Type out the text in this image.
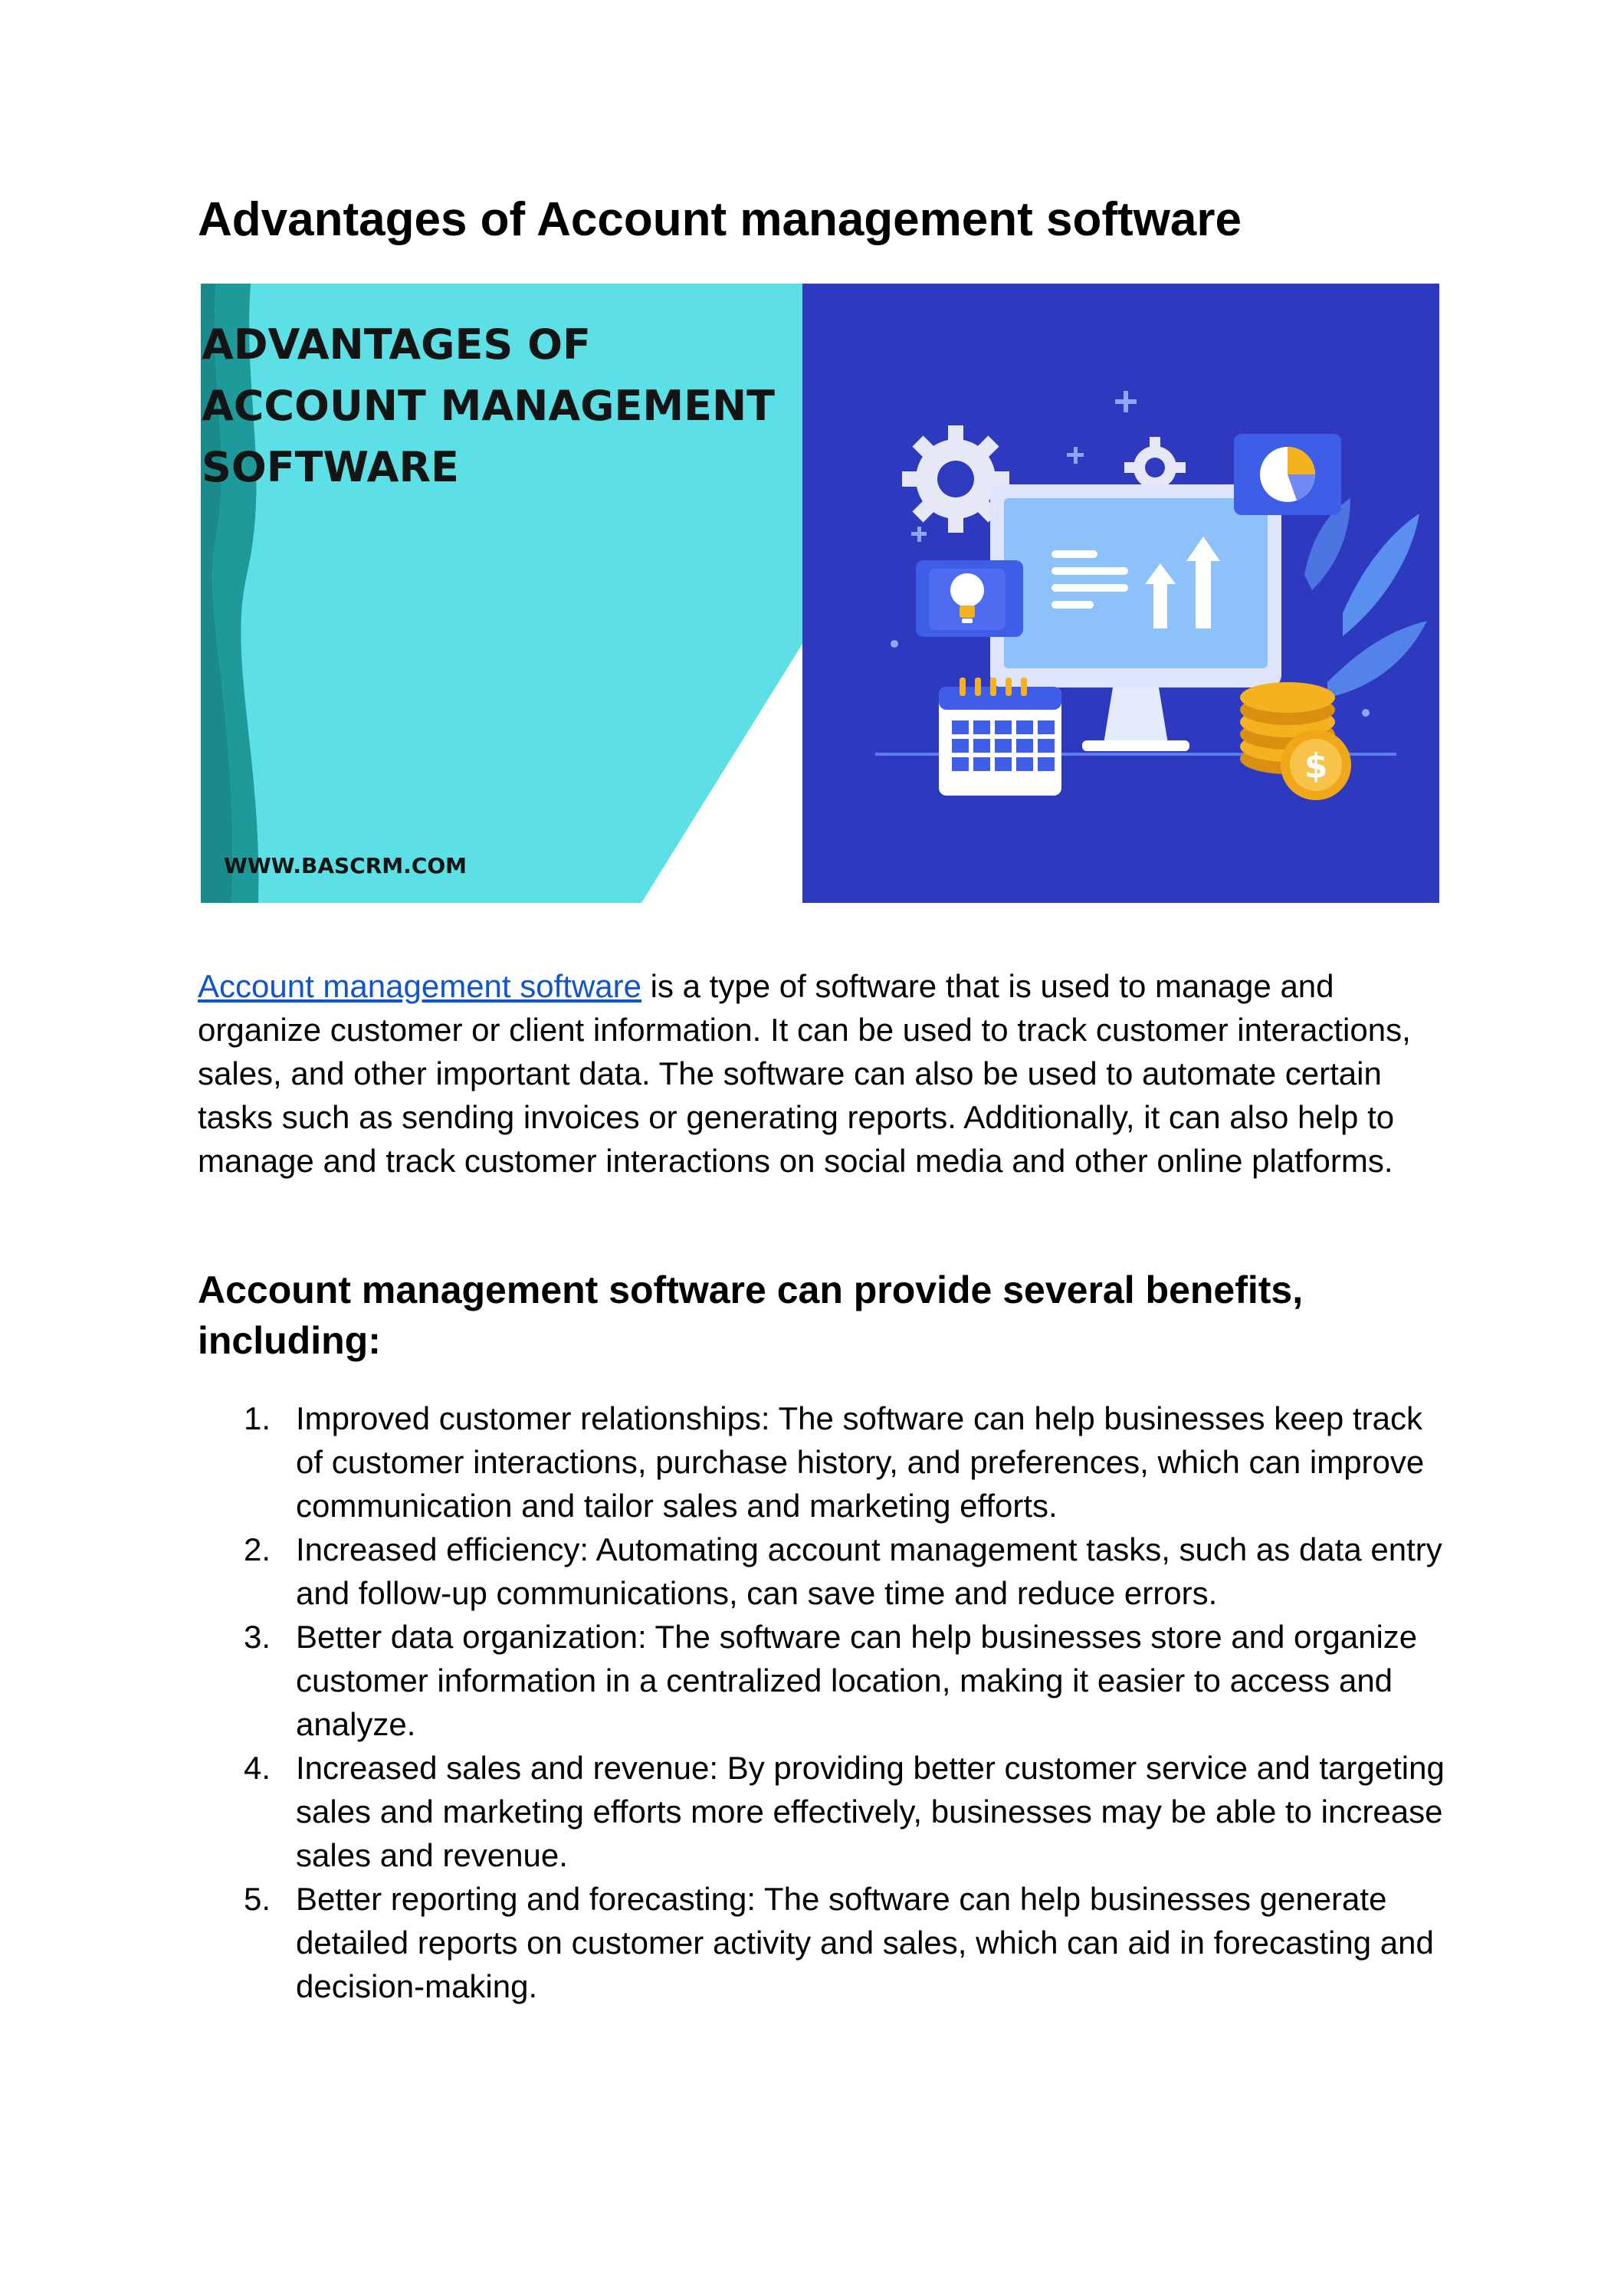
Advantages of Account management software
$
ADVANTAGES OF
ACCOUNT MANAGEMENT
SOFTWARE
WWW.BASCRM.COM

Account management software is a type of software that is used to manage and organize customer or client information. It can be used to track customer interactions, sales, and other important data. The software can also be used to automate certain tasks such as sending invoices or generating reports. Additionally, it can also help to manage and track customer interactions on social media and other online platforms.

Account management software can provide several benefits, including:
1. Improved customer relationships: The software can help businesses keep track of customer interactions, purchase history, and preferences, which can improve communication and tailor sales and marketing efforts.
2. Increased efficiency: Automating account management tasks, such as data entry and follow-up communications, can save time and reduce errors.
3. Better data organization: The software can help businesses store and organize customer information in a centralized location, making it easier to access and analyze.
4. Increased sales and revenue: By providing better customer service and targeting sales and marketing efforts more effectively, businesses may be able to increase sales and revenue.
5. Better reporting and forecasting: The software can help businesses generate detailed reports on customer activity and sales, which can aid in forecasting and decision-making.
